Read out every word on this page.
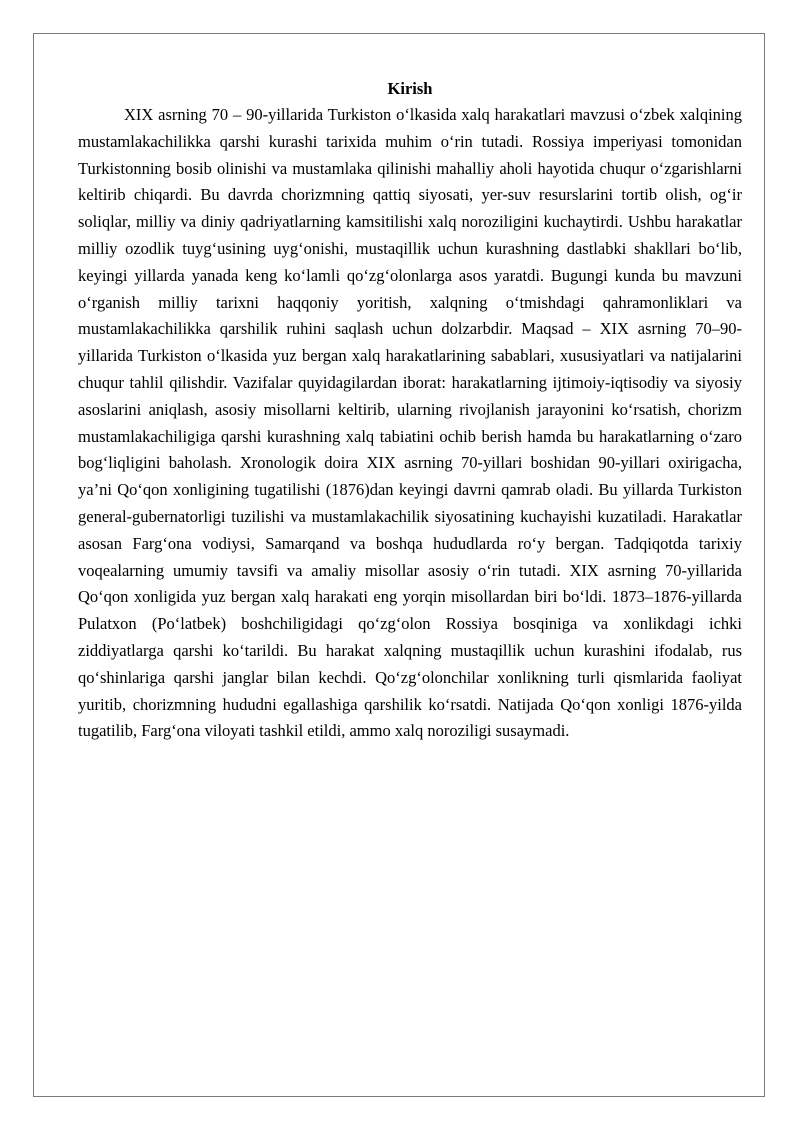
Kirish

XIX asrning 70 – 90-yillarida Turkiston o‘lkasida xalq harakatlari mavzusi o‘zbek xalqining mustamlakachilikka qarshi kurashi tarixida muhim o‘rin tutadi. Rossiya imperiyasi tomonidan Turkistonning bosib olinishi va mustamlaka qilinishi mahalliy aholi hayotida chuqur o‘zgarishlarni keltirib chiqardi. Bu davrda chorizmning qattiq siyosati, yer-suv resurslarini tortib olish, og‘ir soliqlar, milliy va diniy qadriyatlarning kamsitilishi xalq noroziligini kuchaytirdi. Ushbu harakatlar milliy ozodlik tuyg‘usining uyg‘onishi, mustaqillik uchun kurashning dastlabki shakllari bo‘lib, keyingi yillarda yanada keng ko‘lamli qo‘zg‘olonlarga asos yaratdi. Bugungi kunda bu mavzuni o‘rganish milliy tarixni haqqoniy yoritish, xalqning o‘tmishdagi qahramonliklari va mustamlakachilikka qarshilik ruhini saqlash uchun dolzarbdir. Maqsad – XIX asrning 70–90-yillarida Turkiston o‘lkasida yuz bergan xalq harakatlarining sabablari, xususiyatlari va natijalarini chuqur tahlil qilishdir. Vazifalar quyidagilardan iborat: harakatlarning ijtimoiy-iqtisodiy va siyosiy asoslarini aniqlash, asosiy misollarni keltirib, ularning rivojlanish jarayonini ko‘rsatish, chorizm mustamlakachiligiga qarshi kurashning xalq tabiatini ochib berish hamda bu harakatlarning o‘zaro bog‘liqligini baholash. Xronologik doira XIX asrning 70-yillari boshidan 90-yillari oxirigacha, ya’ni Qo‘qon xonligining tugatilishi (1876)dan keyingi davrni qamrab oladi. Bu yillarda Turkiston general-gubernatorligi tuzilishi va mustamlakachilik siyosatining kuchayishi kuzatiladi. Harakatlar asosan Farg‘ona vodiysi, Samarqand va boshqa hududlarda ro‘y bergan. Tadqiqotda tarixiy voqealarning umumiy tavsifi va amaliy misollar asosiy o‘rin tutadi. XIX asrning 70-yillarida Qo‘qon xonligida yuz bergan xalq harakati eng yorqin misollardan biri bo‘ldi. 1873–1876-yillarda Pulatxon (Po‘latbek) boshchiligidagi qo‘zg‘olon Rossiya bosqiniga va xonlikdagi ichki ziddiyatlarga qarshi ko‘tarildi. Bu harakat xalqning mustaqillik uchun kurashini ifodalab, rus qo‘shinlariga qarshi janglar bilan kechdi. Qo‘zg‘olonchilar xonlikning turli qismlarida faoliyat yuritib, chorizmning hududni egallashiga qarshilik ko‘rsatdi. Natijada Qo‘qon xonligi 1876-yilda tugatilib, Farg‘ona viloyati tashkil etildi, ammo xalq noroziligi susaymadi.
